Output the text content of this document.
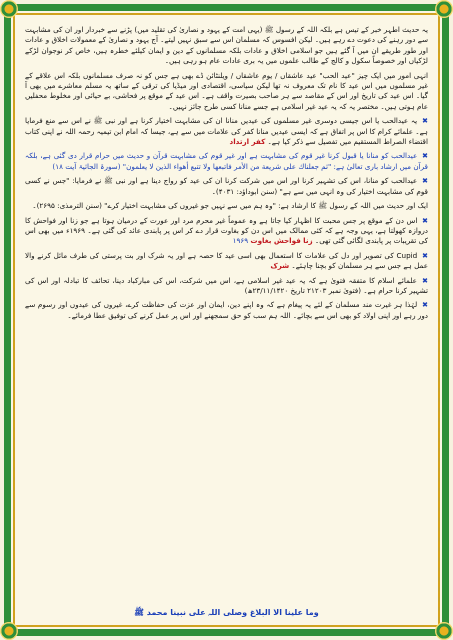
یہ حدیث اطہر خبر کے تیس ہے بلکہ اللہ کے رسول ﷺ (یہی امت کے یہود و نصاریٰ کی تقلید میں) پڑنے سے خبردار اور ان کی مشابہت سے دور رہنے کی دعوت دے رہے ہیں۔ لیکن افسوس کہ مسلمان اس سے سبق نہیں لیتے۔ آج یہود و نصاریٰ کے معمولات اخلاق و عادات اور طور طریقے ان میں آ گئے ہیں جو اسلامی اخلاق و عادات بلکہ مسلمانوں کے دین و ایمان کیلئے خطرہ ہیں، خاص کر نوجوان لڑکے لڑکیاں اور خصوصاً سکول و کالج کے طالب علموں میں یہ بری عادات عام ہو رہی ہیں۔

انہی امور میں ایک چیز "عید الحب" عید عاشقاں / یوم عاشقاں / ویلنٹائن ڈے بھی ہے جس کو نہ صرف مسلمانوں بلکہ اس علاقے کے غیر مسلموں میں اس عید کا نام تک معروف نہ تھا لیکن سیاسی، اقتصادی اور میڈیا کی ترقی کے ساتھ یہ مسلم معاشرے میں بھی آ گیا۔ اس عید کی تاریخ اور اس کے مقاصد سے ہر صاحب بصیرت واقف ہے۔ اس عید کے موقع پر فحاشی، بے حیائی اور مخلوط محفلیں عام ہوتی ہیں۔ مختصر یہ کہ یہ عید غیر اسلامی ہے جسے منانا کسی طرح جائز نہیں۔

✖ یہ عیدالحب یا اس جیسی دوسری غیر مسلموں کی عیدیں منانا ان کی مشابہت اختیار کرنا ہے اور نبی ﷺ نے اس سے منع فرمایا ہے۔ علمائے کرام کا اس پر اتفاق ہے کہ ایسی عیدیں منانا کفر کی علامات میں سے ہے، جیسا کہ امام ابن تیمیہ رحمہ اللہ نے اپنی کتاب اقتضاء الصراط المستقیم میں تفصیل سے ذکر کیا ہے۔ کفر ارتداد

✖ عیدالحب کو منانا یا قبول کرنا غیر قوم کی مشابہت ہے اور غیر قوم کی مشابہت قرآن و حدیث میں حرام قرار دی گئی ہے، بلکہ قرآن میں ارشاد باری تعالیٰ ہے: "ثم جعلناك على شريعة من الأمر فاتبعها ولا تتبع أهواء الذين لا يعلمون" (سورۃ الجاثیۃ آیت ۱۸)

✖ عیدالحب کو منانا، اس کی تشہیر کرنا اور اس میں شرکت کرنا ان کی عید کو رواج دینا ہے اور نبی ﷺ نے فرمایا: "جس نے کسی قوم کی مشابہت اختیار کی وہ انہی میں سے ہے" (سنن ابوداؤد: ۴۰۳۱)۔

ایک اور حدیث میں اللہ کے رسول ﷺ کا ارشاد ہے: "وہ ہم میں سے نہیں جو غیروں کی مشابہت اختیار کرے" (سنن الترمذی: ۲۶۹۵)۔

✖ اس دن کے موقع پر جس محبت کا اظہار کیا جاتا ہے وہ عموماً غیر محرم مرد اور عورت کے درمیان ہوتا ہے جو زنا اور فواحش کا دروازہ کھولتا ہے، یہی وجہ ہے کہ کئی ممالک میں اس دن کو بغاوت قرار دے کر اس پر پابندی عائد کی گئی ہے۔ ۱۹۶۹ء میں بھی اس کی تقریبات پر پابندی لگائی گئی تھی۔ زنا فواحش بغاوت ۱۹۶۹

✖ Cupid کی تصویر اور دل کی علامات کا استعمال بھی اسی عید کا حصہ ہے اور یہ شرک اور بت پرستی کی طرف مائل کرنے والا عمل ہے جس سے ہر مسلمان کو بچنا چاہئے۔ شرک

✖ علمائے اسلام کا متفقہ فتویٰ ہے کہ یہ عید غیر اسلامی ہے، اس میں شرکت، اس کی مبارکباد دینا، تحائف کا تبادلہ اور اس کی تشہیر کرنا حرام ہے۔ (فتویٰ نمبر ۲۱۲۰۳ تاریخ ۲۳/۱۱/۱۴۲۰ھ)

✖ لہٰذا ہر غیرت مند مسلمان کے لئے یہ پیغام ہے کہ وہ اپنے دین، ایمان اور عزت کی حفاظت کرے، غیروں کی عیدوں اور رسوم سے دور رہے اور اپنی اولاد کو بھی اس سے بچائے۔ اللہ ہم سب کو حق سمجھنے اور اس پر عمل کرنے کی توفیق عطا فرمائے۔

وما علینا الا البلاغ وصلی اللہ علی نبینا محمد ﷺ
